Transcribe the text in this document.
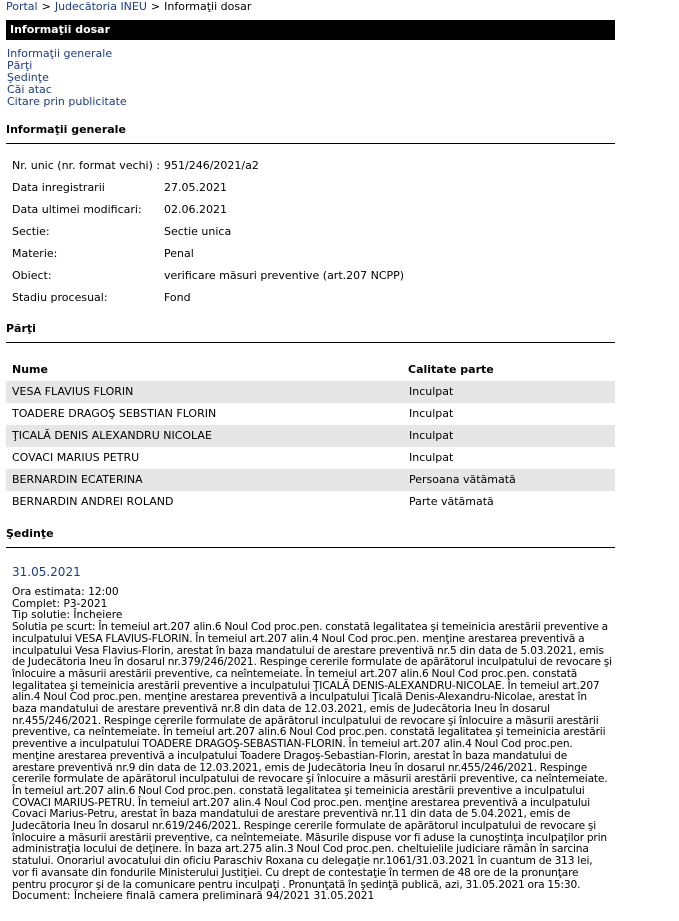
Portal > Judecătoria INEU > Informaţii dosar
Informaţii dosar
Informaţii generale
Părţi
Şedinţe
Căi atac
Citare prin publicitate
Informaţii generale
Nr. unic (nr. format vechi) : 951/246/2021/a2
Data inregistrarii	27.05.2021
Data ultimei modificari: 02.06.2021
Sectie:	Sectie unica
Materie:	Penal
Obiect:	verificare măsuri preventive (art.207 NCPP)
Stadiu procesual:	Fond
Părţi
Nume	Calitate parte
VESA FLAVIUS FLORIN	Inculpat
TOADERE DRAGOŞ SEBSTIAN FLORIN	Inculpat
ŢICALĂ DENIS ALEXANDRU NICOLAE	Inculpat
COVACI MARIUS PETRU	Inculpat
BERNARDIN ECATERINA	Persoana vătămată
BERNARDIN ANDREI ROLAND	Parte vătămată
Şedinţe
31.05.2021
Ora estimata: 12:00
Complet: P3-2021
Tip solutie: Încheiere
Solutia pe scurt: În temeiul art.207 alin.6 Noul Cod proc.pen. constată legalitatea şi temeinicia arestării preventive a inculpatului VESA FLAVIUS-FLORIN. În temeiul art.207 alin.4 Noul Cod proc.pen. menţine arestarea preventivă a inculpatului Vesa Flavius-Florin, arestat în baza mandatului de arestare preventivă nr.5 din data de 5.03.2021, emis de Judecătoria Ineu în dosarul nr.379/246/2021. Respinge cererile formulate de apărătorul inculpatului de revocare şi înlocuire a măsurii arestării preventive, ca neîntemeiate. În temeiul art.207 alin.6 Noul Cod proc.pen. constată legalitatea şi temeinicia arestării preventive a inculpatului ŢICALĂ DENIS-ALEXANDRU-NICOLAE. În temeiul art.207 alin.4 Noul Cod proc.pen. menţine arestarea preventivă a inculpatului Ţicală Denis-Alexandru-Nicolae, arestat în baza mandatului de arestare preventivă nr.8 din data de 12.03.2021, emis de Judecătoria Ineu în dosarul nr.455/246/2021. Respinge cererile formulate de apărătorul inculpatului de revocare şi înlocuire a măsurii arestării preventive, ca neîntemeiate. În temeiul art.207 alin.6 Noul Cod proc.pen. constată legalitatea şi temeinicia arestării preventive a inculpatului TOADERE DRAGOŞ-SEBASTIAN-FLORIN. În temeiul art.207 alin.4 Noul Cod proc.pen. menţine arestarea preventivă a inculpatului Toadere Dragoş-Sebastian-Florin, arestat în baza mandatului de arestare preventivă nr.9 din data de 12.03.2021, emis de Judecătoria Ineu în dosarul nr.455/246/2021. Respinge cererile formulate de apărătorul inculpatului de revocare şi înlocuire a măsurii arestării preventive, ca neîntemeiate. În temeiul art.207 alin.6 Noul Cod proc.pen. constată legalitatea şi temeinicia arestării preventive a inculpatului COVACI MARIUS-PETRU. În temeiul art.207 alin.4 Noul Cod proc.pen. menţine arestarea preventivă a inculpatului Covaci Marius-Petru, arestat în baza mandatului de arestare preventivă nr.11 din data de 5.04.2021, emis de Judecătoria Ineu în dosarul nr.619/246/2021. Respinge cererile formulate de apărătorul inculpatului de revocare şi înlocuire a măsurii arestării preventive, ca neîntemeiate. Măsurile dispuse vor fi aduse la cunoştinţa inculpaţilor prin administraţia locului de deţinere. În baza art.275 alin.3 Noul Cod proc.pen. cheltuielile judiciare rămân în sarcina statului. Onorariul avocatului din oficiu Paraschiv Roxana cu delegaţie nr.1061/31.03.2021 în cuantum de 313 lei, vor fi avansate din fondurile Ministerului Justiţiei. Cu drept de contestaţie în termen de 48 ore de la pronunţare pentru procuror şi de la comunicare pentru inculpaţi . Pronunţată în şedinţă publică, azi, 31.05.2021 ora 15:30.
Document: Încheiere finală camera preliminară 94/2021 31.05.2021
